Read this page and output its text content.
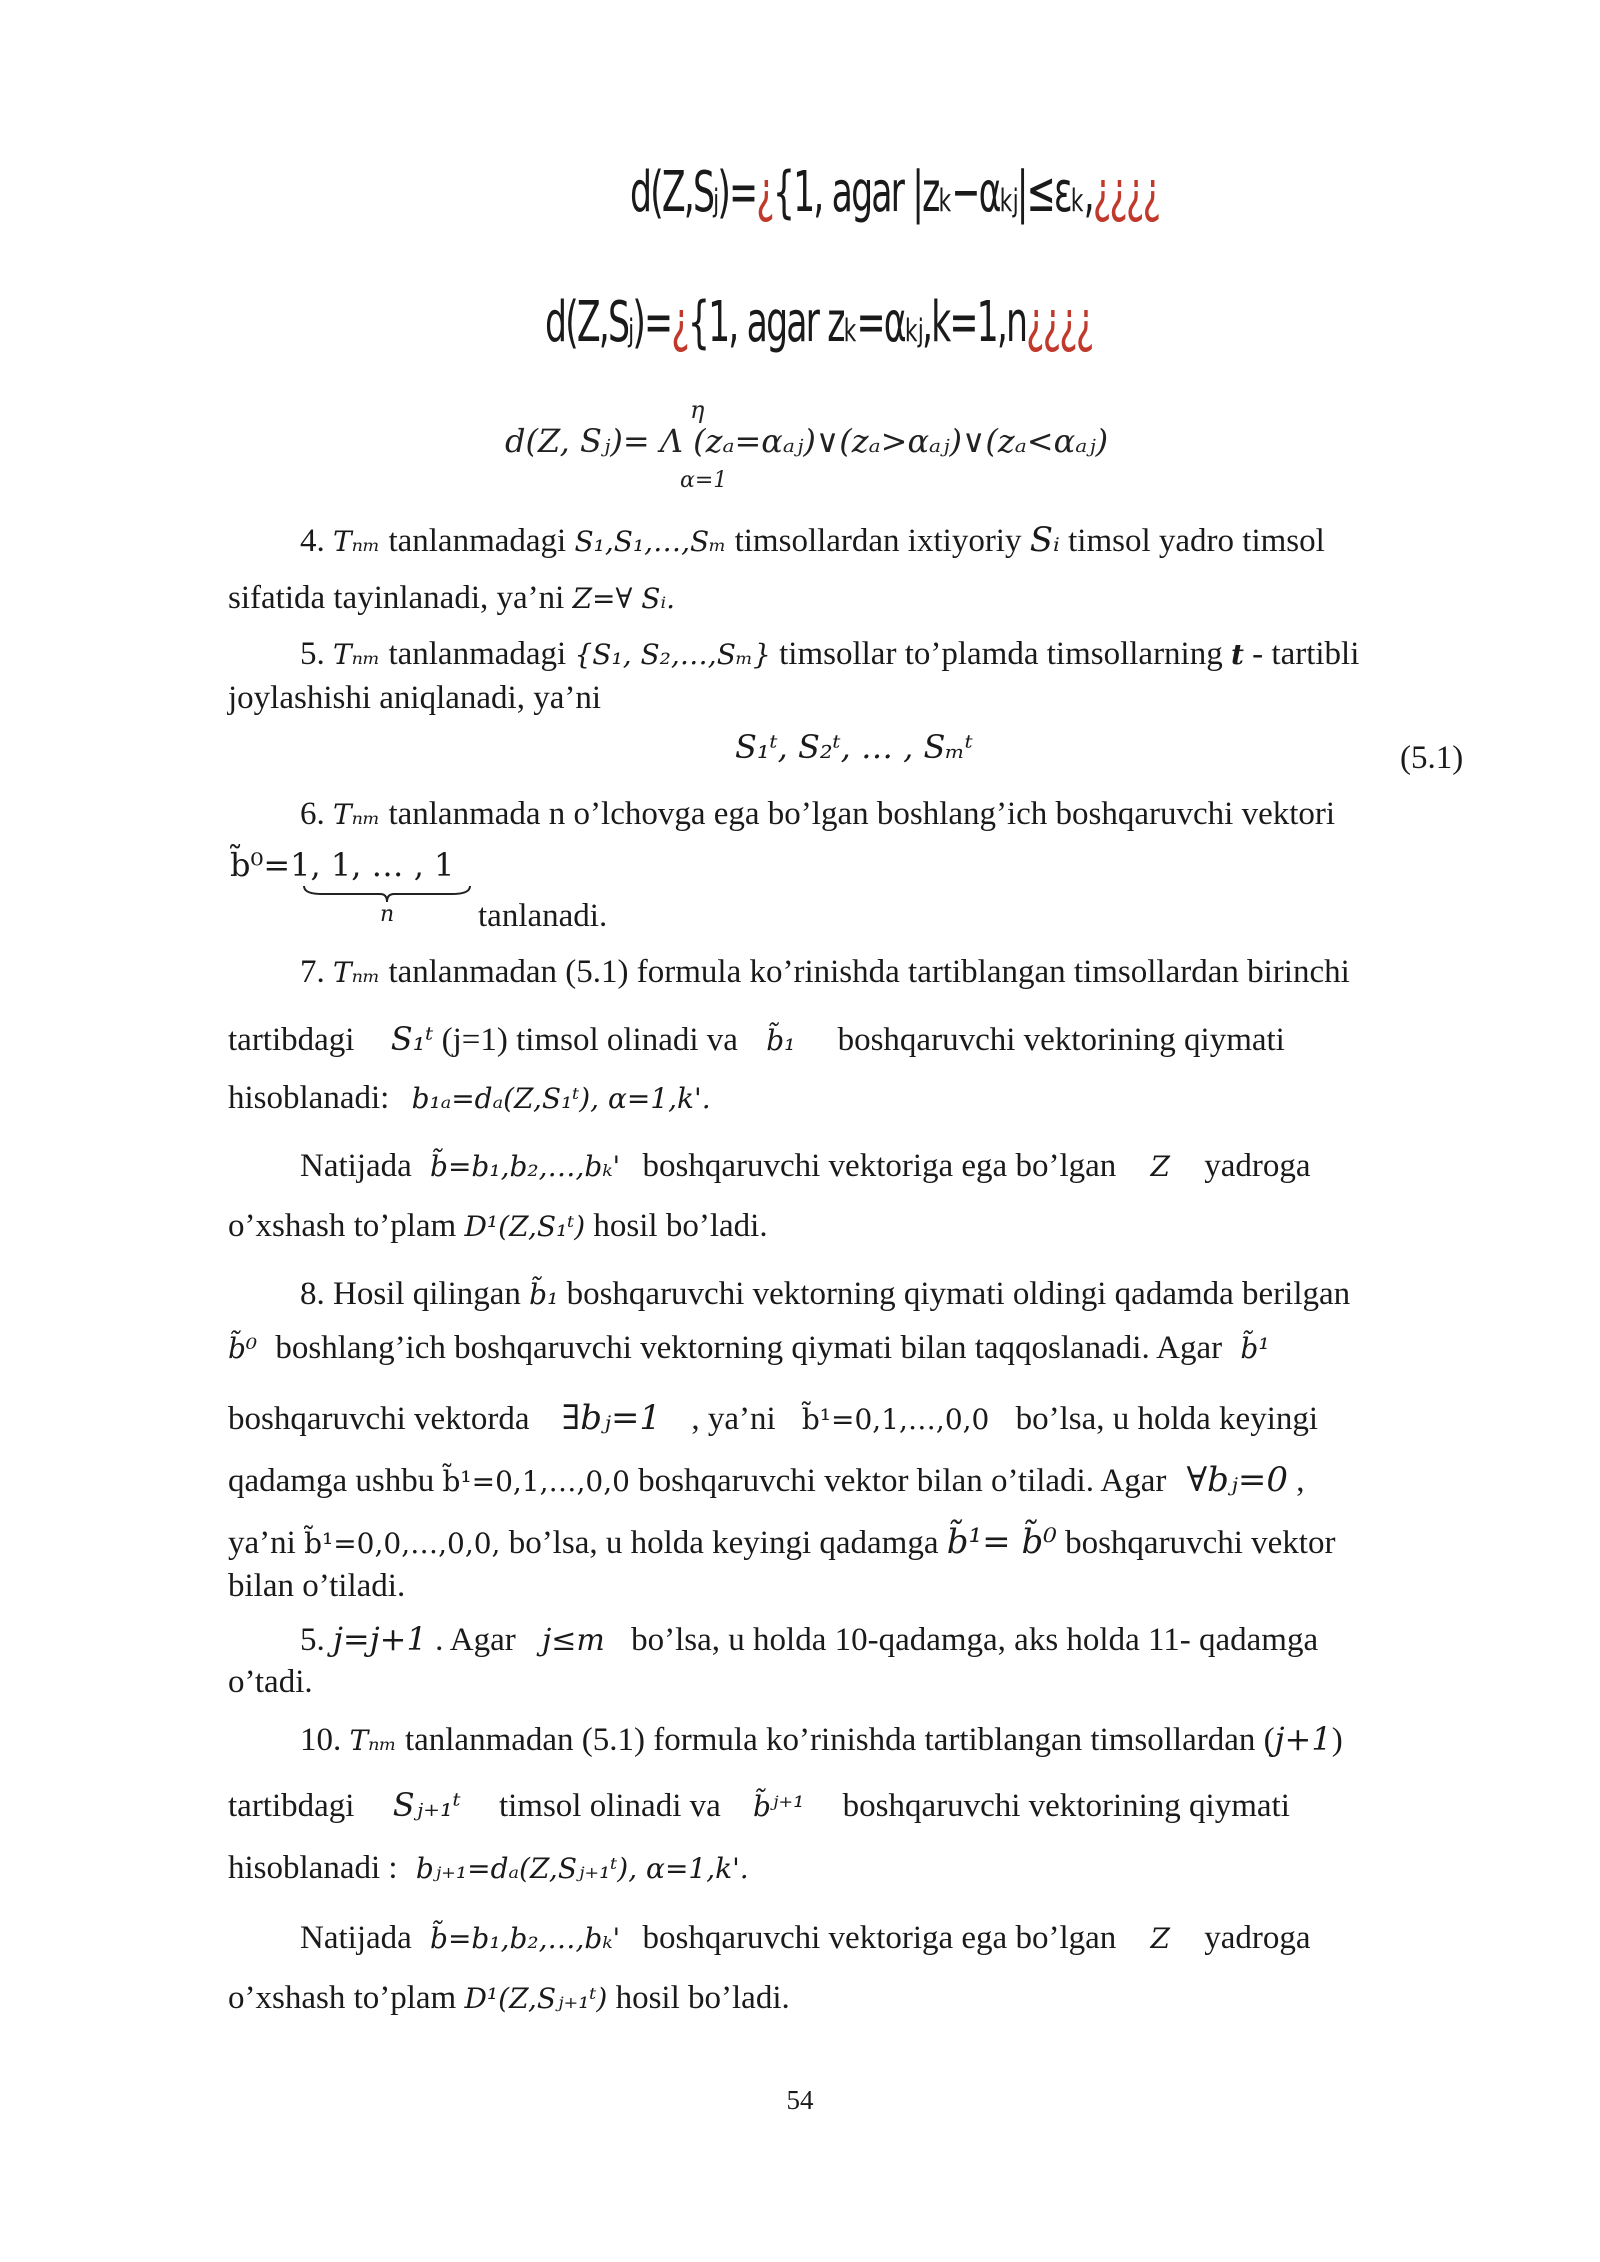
d(Z,Sⱼ)=¿{1, agar |zₖ−αₖⱼ|≤εₖ,¿¿¿¿
d(Z,Sⱼ)=¿{1, agar zₖ=αₖⱼ,k=1,n¿¿¿¿
η
d(Z, Sⱼ)= Λ (zₐ=αₐⱼ)∨(zₐ>αₐⱼ)∨(zₐ<αₐⱼ)
α=1
4. Tₙₘ tanlanmadagi S₁,S₁,…,Sₘ timsollardan ixtiyoriy Sᵢ timsol yadro timsol
sifatida tayinlanadi, ya’ni Z=∀ Sᵢ.
5. Tₙₘ tanlanmadagi {S₁, S₂,…,Sₘ} timsollar to’plamda timsollarning t - tartibli
joylashishi aniqlanadi, ya’ni
S₁ᵗ, S₂ᵗ, … , Sₘᵗ	(5.1)
6. Tₙₘ tanlanmada n o’lchovga ega bo’lgan boshlang’ich boshqaruvchi vektori
b̃⁰=1, 1, … , 1
n	tanlanadi.
7. Tₙₘ tanlanmadan (5.1) formula ko’rinishda tartiblangan timsollardan birinchi
tartibdagi S₁ᵗ (j=1) timsol olinadi va b̃₁ boshqaruvchi vektorining qiymati
hisoblanadi: b₁ₐ=dₐ(Z,S₁ᵗ), α=1,k'.
Natijada b̃=b₁,b₂,…,bₖ' boshqaruvchi vektoriga ega bo’lgan Z yadroga
o’xshash to’plam D¹(Z,S₁ᵗ) hosil bo’ladi.
8. Hosil qilingan b̃₁ boshqaruvchi vektorning qiymati oldingi qadamda berilgan
b̃⁰ boshlang’ich boshqaruvchi vektorning qiymati bilan taqqoslanadi. Agar b̃¹
boshqaruvchi vektorda ∃bⱼ=1 , ya’ni b̃¹=0,1,…,0,0 bo’lsa, u holda keyingi
qadamga ushbu b̃¹=0,1,…,0,0 boshqaruvchi vektor bilan o’tiladi. Agar ∀bⱼ=0 ,
ya’ni b̃¹=0,0,…,0,0, bo’lsa, u holda keyingi qadamga b̃¹= b̃⁰ boshqaruvchi vektor
bilan o’tiladi.
5. j=j+1 . Agar j≤m bo’lsa, u holda 10-qadamga, aks holda 11- qadamga
o’tadi.
10. Tₙₘ tanlanmadan (5.1) formula ko’rinishda tartiblangan timsollardan (j+1)
tartibdagi Sⱼ₊₁ᵗ timsol olinadi va b̃ʲ⁺¹ boshqaruvchi vektorining qiymati
hisoblanadi : bⱼ₊₁=dₐ(Z,Sⱼ₊₁ᵗ), α=1,k'.
Natijada b̃=b₁,b₂,…,bₖ' boshqaruvchi vektoriga ega bo’lgan Z yadroga
o’xshash to’plam D¹(Z,Sⱼ₊₁ᵗ) hosil bo’ladi.
54
